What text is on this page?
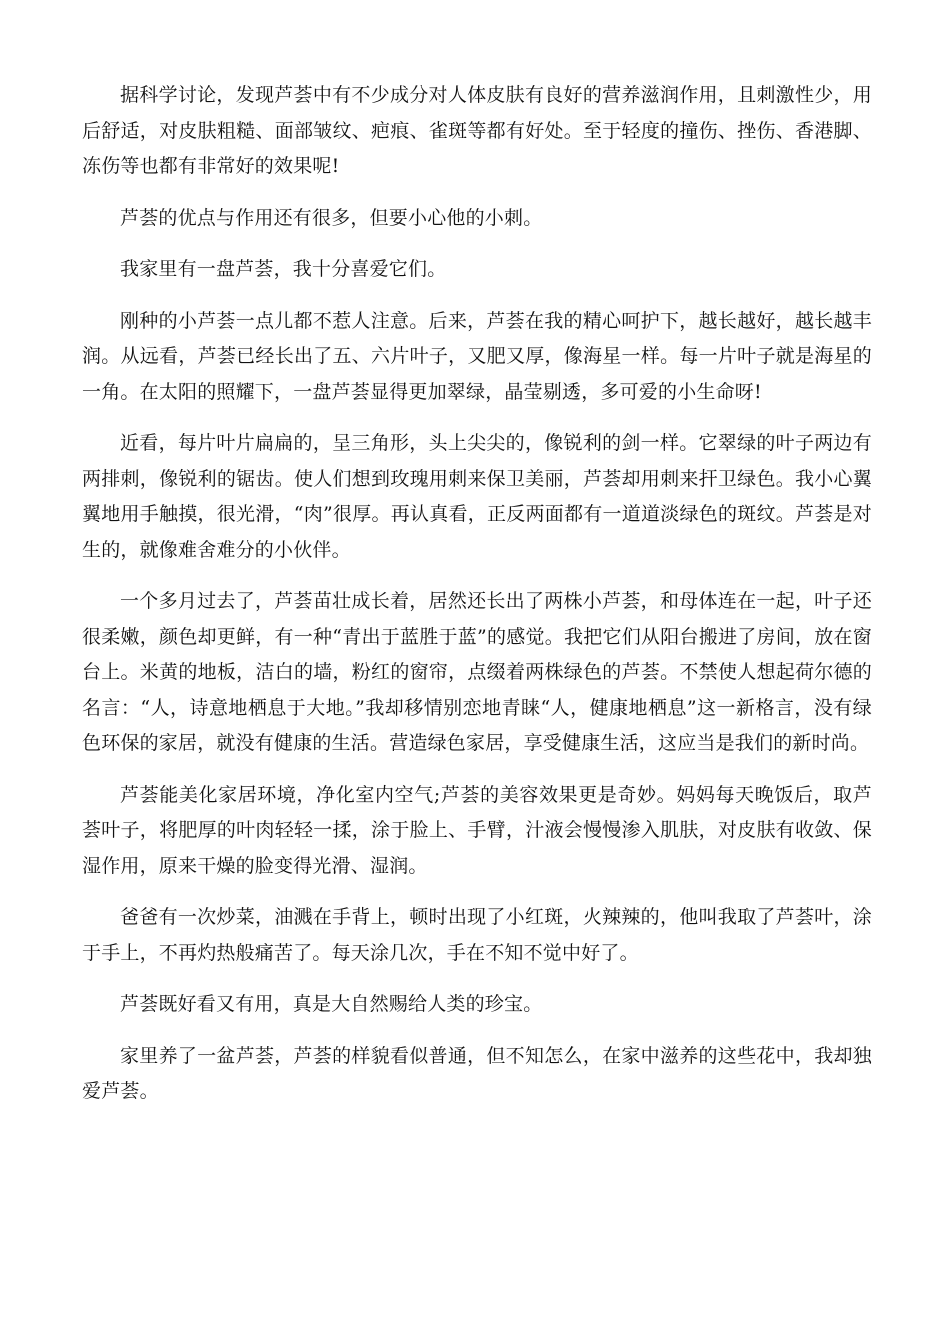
据科学讨论，发现芦荟中有不少成分对人体皮肤有良好的营养滋润作用，且刺激性少，用后舒适，对皮肤粗糙、面部皱纹、疤痕、雀斑等都有好处。至于轻度的撞伤、挫伤、香港脚、冻伤等也都有非常好的效果呢!

芦荟的优点与作用还有很多，但要小心他的小刺。

我家里有一盘芦荟，我十分喜爱它们。

刚种的小芦荟一点儿都不惹人注意。后来，芦荟在我的精心呵护下，越长越好，越长越丰润。从远看，芦荟已经长出了五、六片叶子，又肥又厚，像海星一样。每一片叶子就是海星的一角。在太阳的照耀下，一盘芦荟显得更加翠绿，晶莹剔透，多可爱的小生命呀!

近看，每片叶片扁扁的，呈三角形，头上尖尖的，像锐利的剑一样。它翠绿的叶子两边有两排刺，像锐利的锯齿。使人们想到玫瑰用刺来保卫美丽，芦荟却用刺来扞卫绿色。我小心翼翼地用手触摸，很光滑，“肉”很厚。再认真看，正反两面都有一道道淡绿色的斑纹。芦荟是对生的，就像难舍难分的小伙伴。

一个多月过去了，芦荟苗壮成长着，居然还长出了两株小芦荟，和母体连在一起，叶子还很柔嫩，颜色却更鲜，有一种“青出于蓝胜于蓝”的感觉。我把它们从阳台搬进了房间，放在窗台上。米黄的地板，洁白的墙，粉红的窗帘，点缀着两株绿色的芦荟。不禁使人想起荷尔德的名言：“人，诗意地栖息于大地。”我却移情别恋地青睐“人，健康地栖息”这一新格言，没有绿色环保的家居，就没有健康的生活。营造绿色家居，享受健康生活，这应当是我们的新时尚。

芦荟能美化家居环境，净化室内空气;芦荟的美容效果更是奇妙。妈妈每天晚饭后，取芦荟叶子，将肥厚的叶肉轻轻一揉，涂于脸上、手臂，汁液会慢慢渗入肌肤，对皮肤有收敛、保湿作用，原来干燥的脸变得光滑、湿润。

爸爸有一次炒菜，油溅在手背上，顿时出现了小红斑，火辣辣的，他叫我取了芦荟叶，涂于手上，不再灼热般痛苦了。每天涂几次，手在不知不觉中好了。

芦荟既好看又有用，真是大自然赐给人类的珍宝。

家里养了一盆芦荟，芦荟的样貌看似普通，但不知怎么，在家中滋养的这些花中，我却独爱芦荟。
